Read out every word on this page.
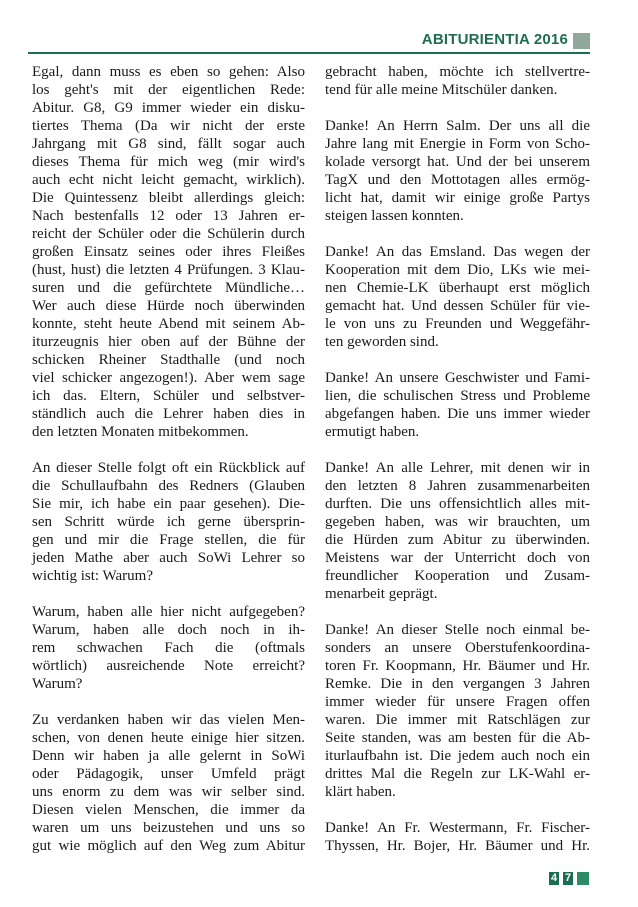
ABITURIENTIA 2016
Egal, dann muss es eben so gehen: Also
los geht's mit der eigentlichen Rede:
Abitur. G8, G9 immer wieder ein disku-
tiertes Thema (Da wir nicht der erste
Jahrgang mit G8 sind, fällt sogar auch
dieses Thema für mich weg (mir wird's
auch echt nicht leicht gemacht, wirklich).
Die Quintessenz bleibt allerdings gleich:
Nach bestenfalls 12 oder 13 Jahren er-
reicht der Schüler oder die Schülerin durch
großen Einsatz seines oder ihres Fleißes
(hust, hust) die letzten 4 Prüfungen. 3 Klau-
suren und die gefürchtete Mündliche…
Wer auch diese Hürde noch überwinden
konnte, steht heute Abend mit seinem Ab-
iturzeugnis hier oben auf der Bühne der
schicken Rheiner Stadthalle (und noch
viel schicker angezogen!). Aber wem sage
ich das. Eltern, Schüler und selbstver-
ständlich auch die Lehrer haben dies in
den letzten Monaten mitbekommen.
An dieser Stelle folgt oft ein Rückblick auf
die Schullaufbahn des Redners (Glauben
Sie mir, ich habe ein paar gesehen). Die-
sen Schritt würde ich gerne übersprin-
gen und mir die Frage stellen, die für
jeden Mathe aber auch SoWi Lehrer so
wichtig ist: Warum?
Warum, haben alle hier nicht aufgegeben?
Warum, haben alle doch noch in ih-
rem schwachen Fach die (oftmals
wörtlich) ausreichende Note erreicht?
Warum?
Zu verdanken haben wir das vielen Men-
schen, von denen heute einige hier sitzen.
Denn wir haben ja alle gelernt in SoWi
oder Pädagogik, unser Umfeld prägt
uns enorm zu dem was wir selber sind.
Diesen vielen Menschen, die immer da
waren um uns beizustehen und uns so
gut wie möglich auf den Weg zum Abitur
gebracht haben, möchte ich stellvertre-
tend für alle meine Mitschüler danken.
Danke! An Herrn Salm. Der uns all die
Jahre lang mit Energie in Form von Scho-
kolade versorgt hat. Und der bei unserem
TagX und den Mottotagen alles ermög-
licht hat, damit wir einige große Partys
steigen lassen konnten.
Danke! An das Emsland. Das wegen der
Kooperation mit dem Dio, LKs wie mei-
nen Chemie-LK überhaupt erst möglich
gemacht hat. Und dessen Schüler für vie-
le von uns zu Freunden und Weggefähr-
ten geworden sind.
Danke! An unsere Geschwister und Fami-
lien, die schulischen Stress und Probleme
abgefangen haben. Die uns immer wieder
ermutigt haben.
Danke! An alle Lehrer, mit denen wir in
den letzten 8 Jahren zusammenarbeiten
durften. Die uns offensichtlich alles mit-
gegeben haben, was wir brauchten, um
die Hürden zum Abitur zu überwinden.
Meistens war der Unterricht doch von
freundlicher Kooperation und Zusam-
menarbeit geprägt.
Danke! An dieser Stelle noch einmal be-
sonders an unsere Oberstufenkoordina-
toren Fr. Koopmann, Hr. Bäumer und Hr.
Remke. Die in den vergangen 3 Jahren
immer wieder für unsere Fragen offen
waren. Die immer mit Ratschlägen zur
Seite standen, was am besten für die Ab-
iturlaufbahn ist. Die jedem auch noch ein
drittes Mal die Regeln zur LK-Wahl er-
klärt haben.
Danke! An Fr. Westermann, Fr. Fischer-
Thyssen, Hr. Bojer, Hr. Bäumer und Hr.
4 7
